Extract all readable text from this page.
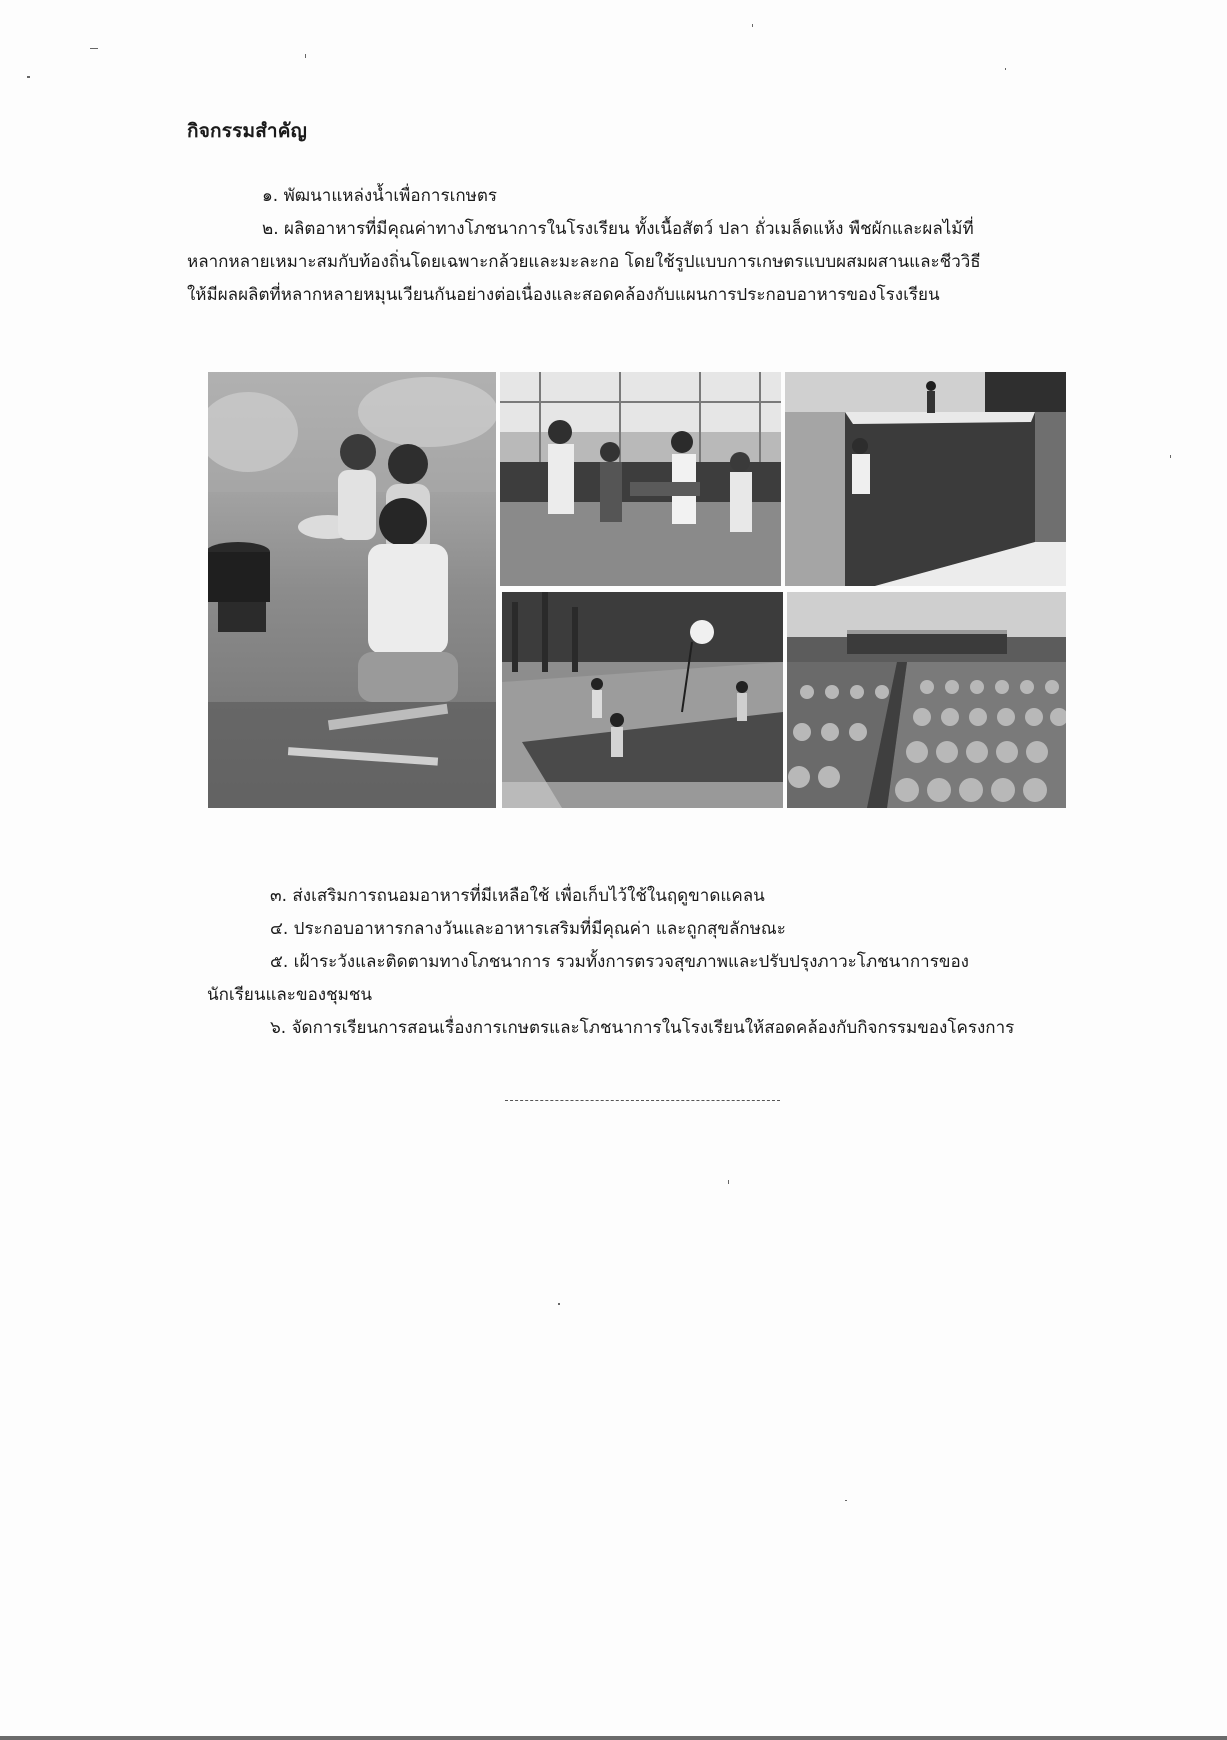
กิจกรรมสำคัญ
๑. พัฒนาแหล่งน้ำเพื่อการเกษตร
๒. ผลิตอาหารที่มีคุณค่าทางโภชนาการในโรงเรียน ทั้งเนื้อสัตว์ ปลา ถั่วเมล็ดแห้ง พืชผักและผลไม้ที่
หลากหลายเหมาะสมกับท้องถิ่นโดยเฉพาะกล้วยและมะละกอ โดยใช้รูปแบบการเกษตรแบบผสมผสานและชีววิธี
ให้มีผลผลิตที่หลากหลายหมุนเวียนกันอย่างต่อเนื่องและสอดคล้องกับแผนการประกอบอาหารของโรงเรียน
๓. ส่งเสริมการถนอมอาหารที่มีเหลือใช้ เพื่อเก็บไว้ใช้ในฤดูขาดแคลน
๔. ประกอบอาหารกลางวันและอาหารเสริมที่มีคุณค่า และถูกสุขลักษณะ
๕. เฝ้าระวังและติดตามทางโภชนาการ รวมทั้งการตรวจสุขภาพและปรับปรุงภาวะโภชนาการของ
นักเรียนและของชุมชน
๖. จัดการเรียนการสอนเรื่องการเกษตรและโภชนาการในโรงเรียนให้สอดคล้องกับกิจกรรมของโครงการ
